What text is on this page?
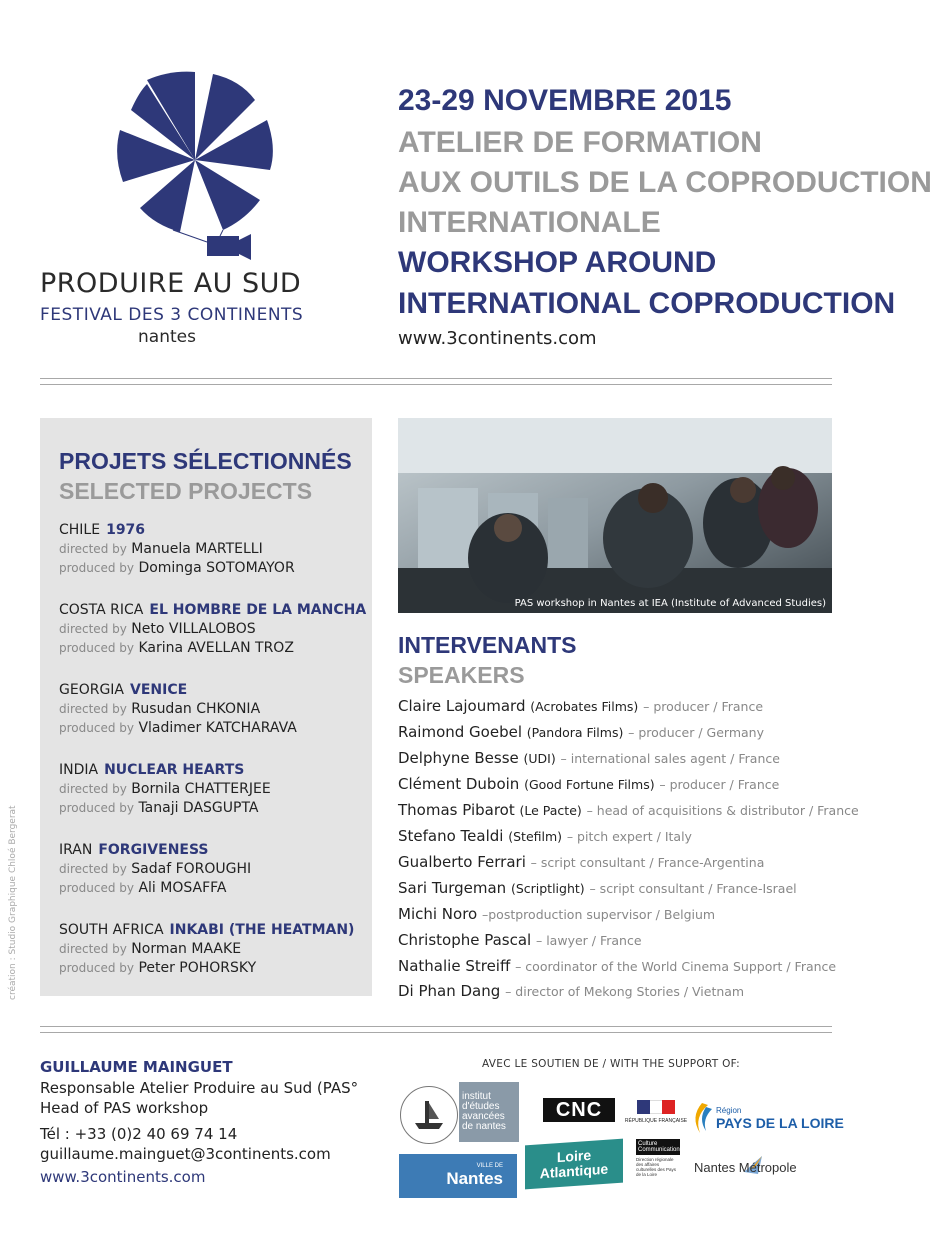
PRODUIRE AU SUD
FESTIVAL DES 3 CONTINENTS
nantes
23-29 NOVEMBRE 2015
ATELIER DE FORMATION
AUX OUTILS DE LA COPRODUCTION
INTERNATIONALE
WORKSHOP AROUND
INTERNATIONAL COPRODUCTION
www.3continents.com
PROJETS SÉLECTIONNÉS
SELECTED PROJECTS
CHILE 1976
directed by Manuela MARTELLI
produced by Dominga SOTOMAYOR
COSTA RICA EL HOMBRE DE LA MANCHA
directed by Neto VILLALOBOS
produced by Karina AVELLAN TROZ
GEORGIA VENICE
directed by Rusudan CHKONIA
produced by Vladimer KATCHARAVA
INDIA NUCLEAR HEARTS
directed by Bornila CHATTERJEE
produced by Tanaji DASGUPTA
IRAN FORGIVENESS
directed by Sadaf FOROUGHI
produced by Ali MOSAFFA
SOUTH AFRICA INKABI (THE HEATMAN)
directed by Norman MAAKE
produced by Peter POHORSKY
PAS workshop in Nantes at IEA (Institute of Advanced Studies)
INTERVENANTS
SPEAKERS
Claire Lajoumard (Acrobates Films) – producer / France
Raimond Goebel (Pandora Films) – producer / Germany
Delphyne Besse (UDI) – international sales agent / France
Clément Duboin (Good Fortune Films) – producer / France
Thomas Pibarot (Le Pacte) – head of acquisitions & distributor / France
Stefano Tealdi (Stefilm) – pitch expert / Italy
Gualberto Ferrari – script consultant / France-Argentina
Sari Turgeman (Scriptlight) – script consultant / France-Israel
Michi Noro –postproduction supervisor / Belgium
Christophe Pascal – lawyer / France
Nathalie Streiff – coordinator of the World Cinema Support / France
Di Phan Dang – director of Mekong Stories / Vietnam
création : Studio Graphique Chloé Bergerat
GUILLAUME MAINGUET
Responsable Atelier Produire au Sud (PAS°
Head of PAS workshop
Tél : +33 (0)2 40 69 74 14
guillaume.mainguet@3continents.com
www.3continents.com
AVEC LE SOUTIEN DE / WITH THE SUPPORT OF:
institut d'études avancées de nantes
CNC
RÉPUBLIQUE FRANÇAISE
Région
PAYS DE LA LOIRE
VILLE DE
Nantes
Loire
Atlantique
Culture Communication
Direction régionale des affaires culturelles des Pays de la Loire	Nantes Métropole
